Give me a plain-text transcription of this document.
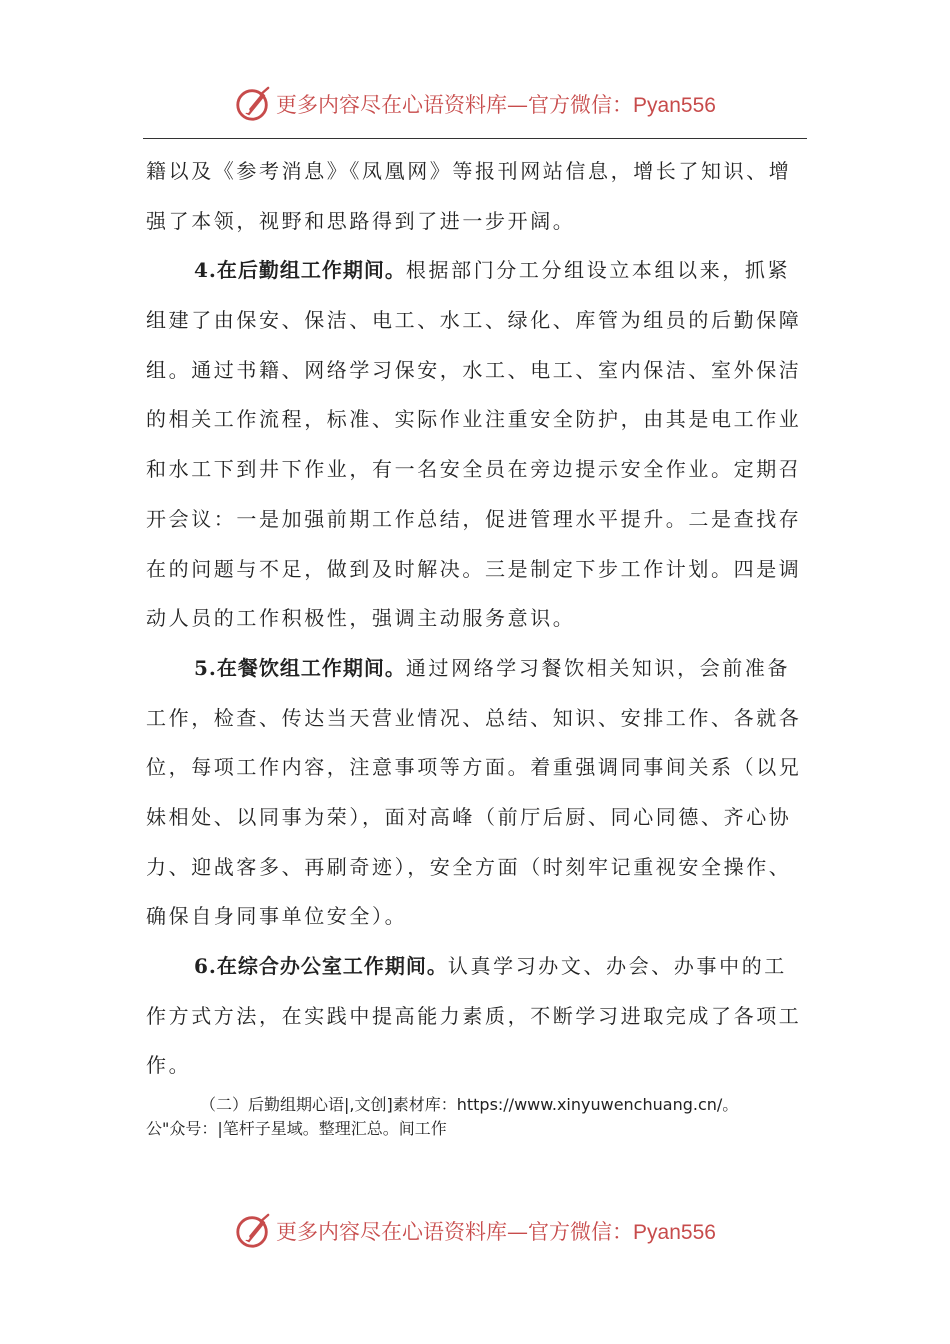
更多内容尽在心语资料库—官方微信：Pyan556
籍以及《参考消息》《凤凰网》等报刊网站信息，增长了知识、增
强了本领，视野和思路得到了进一步开阔。
4.在后勤组工作期间。根据部门分工分组设立本组以来，抓紧
组建了由保安、保洁、电工、水工、绿化、库管为组员的后勤保障
组。通过书籍、网络学习保安，水工、电工、室内保洁、室外保洁
的相关工作流程，标准、实际作业注重安全防护，由其是电工作业
和水工下到井下作业，有一名安全员在旁边提示安全作业。定期召
开会议：一是加强前期工作总结，促进管理水平提升。二是查找存
在的问题与不足，做到及时解决。三是制定下步工作计划。四是调
动人员的工作积极性，强调主动服务意识。
5.在餐饮组工作期间。通过网络学习餐饮相关知识，会前准备
工作，检查、传达当天营业情况、总结、知识、安排工作、各就各
位，每项工作内容，注意事项等方面。着重强调同事间关系（以兄
妹相处、以同事为荣），面对高峰（前厅后厨、同心同德、齐心协
力、迎战客多、再刷奇迹），安全方面（时刻牢记重视安全操作、
确保自身同事单位安全）。
6.在综合办公室工作期间。认真学习办文、办会、办事中的工
作方式方法，在实践中提高能力素质，不断学习进取完成了各项工
作。
（二）后勤组期心语|,文创]素材库：https://www.xinyuwenchuang.cn/。
公"众号：|笔杆子星域。整理汇总。间工作
更多内容尽在心语资料库—官方微信：Pyan556
